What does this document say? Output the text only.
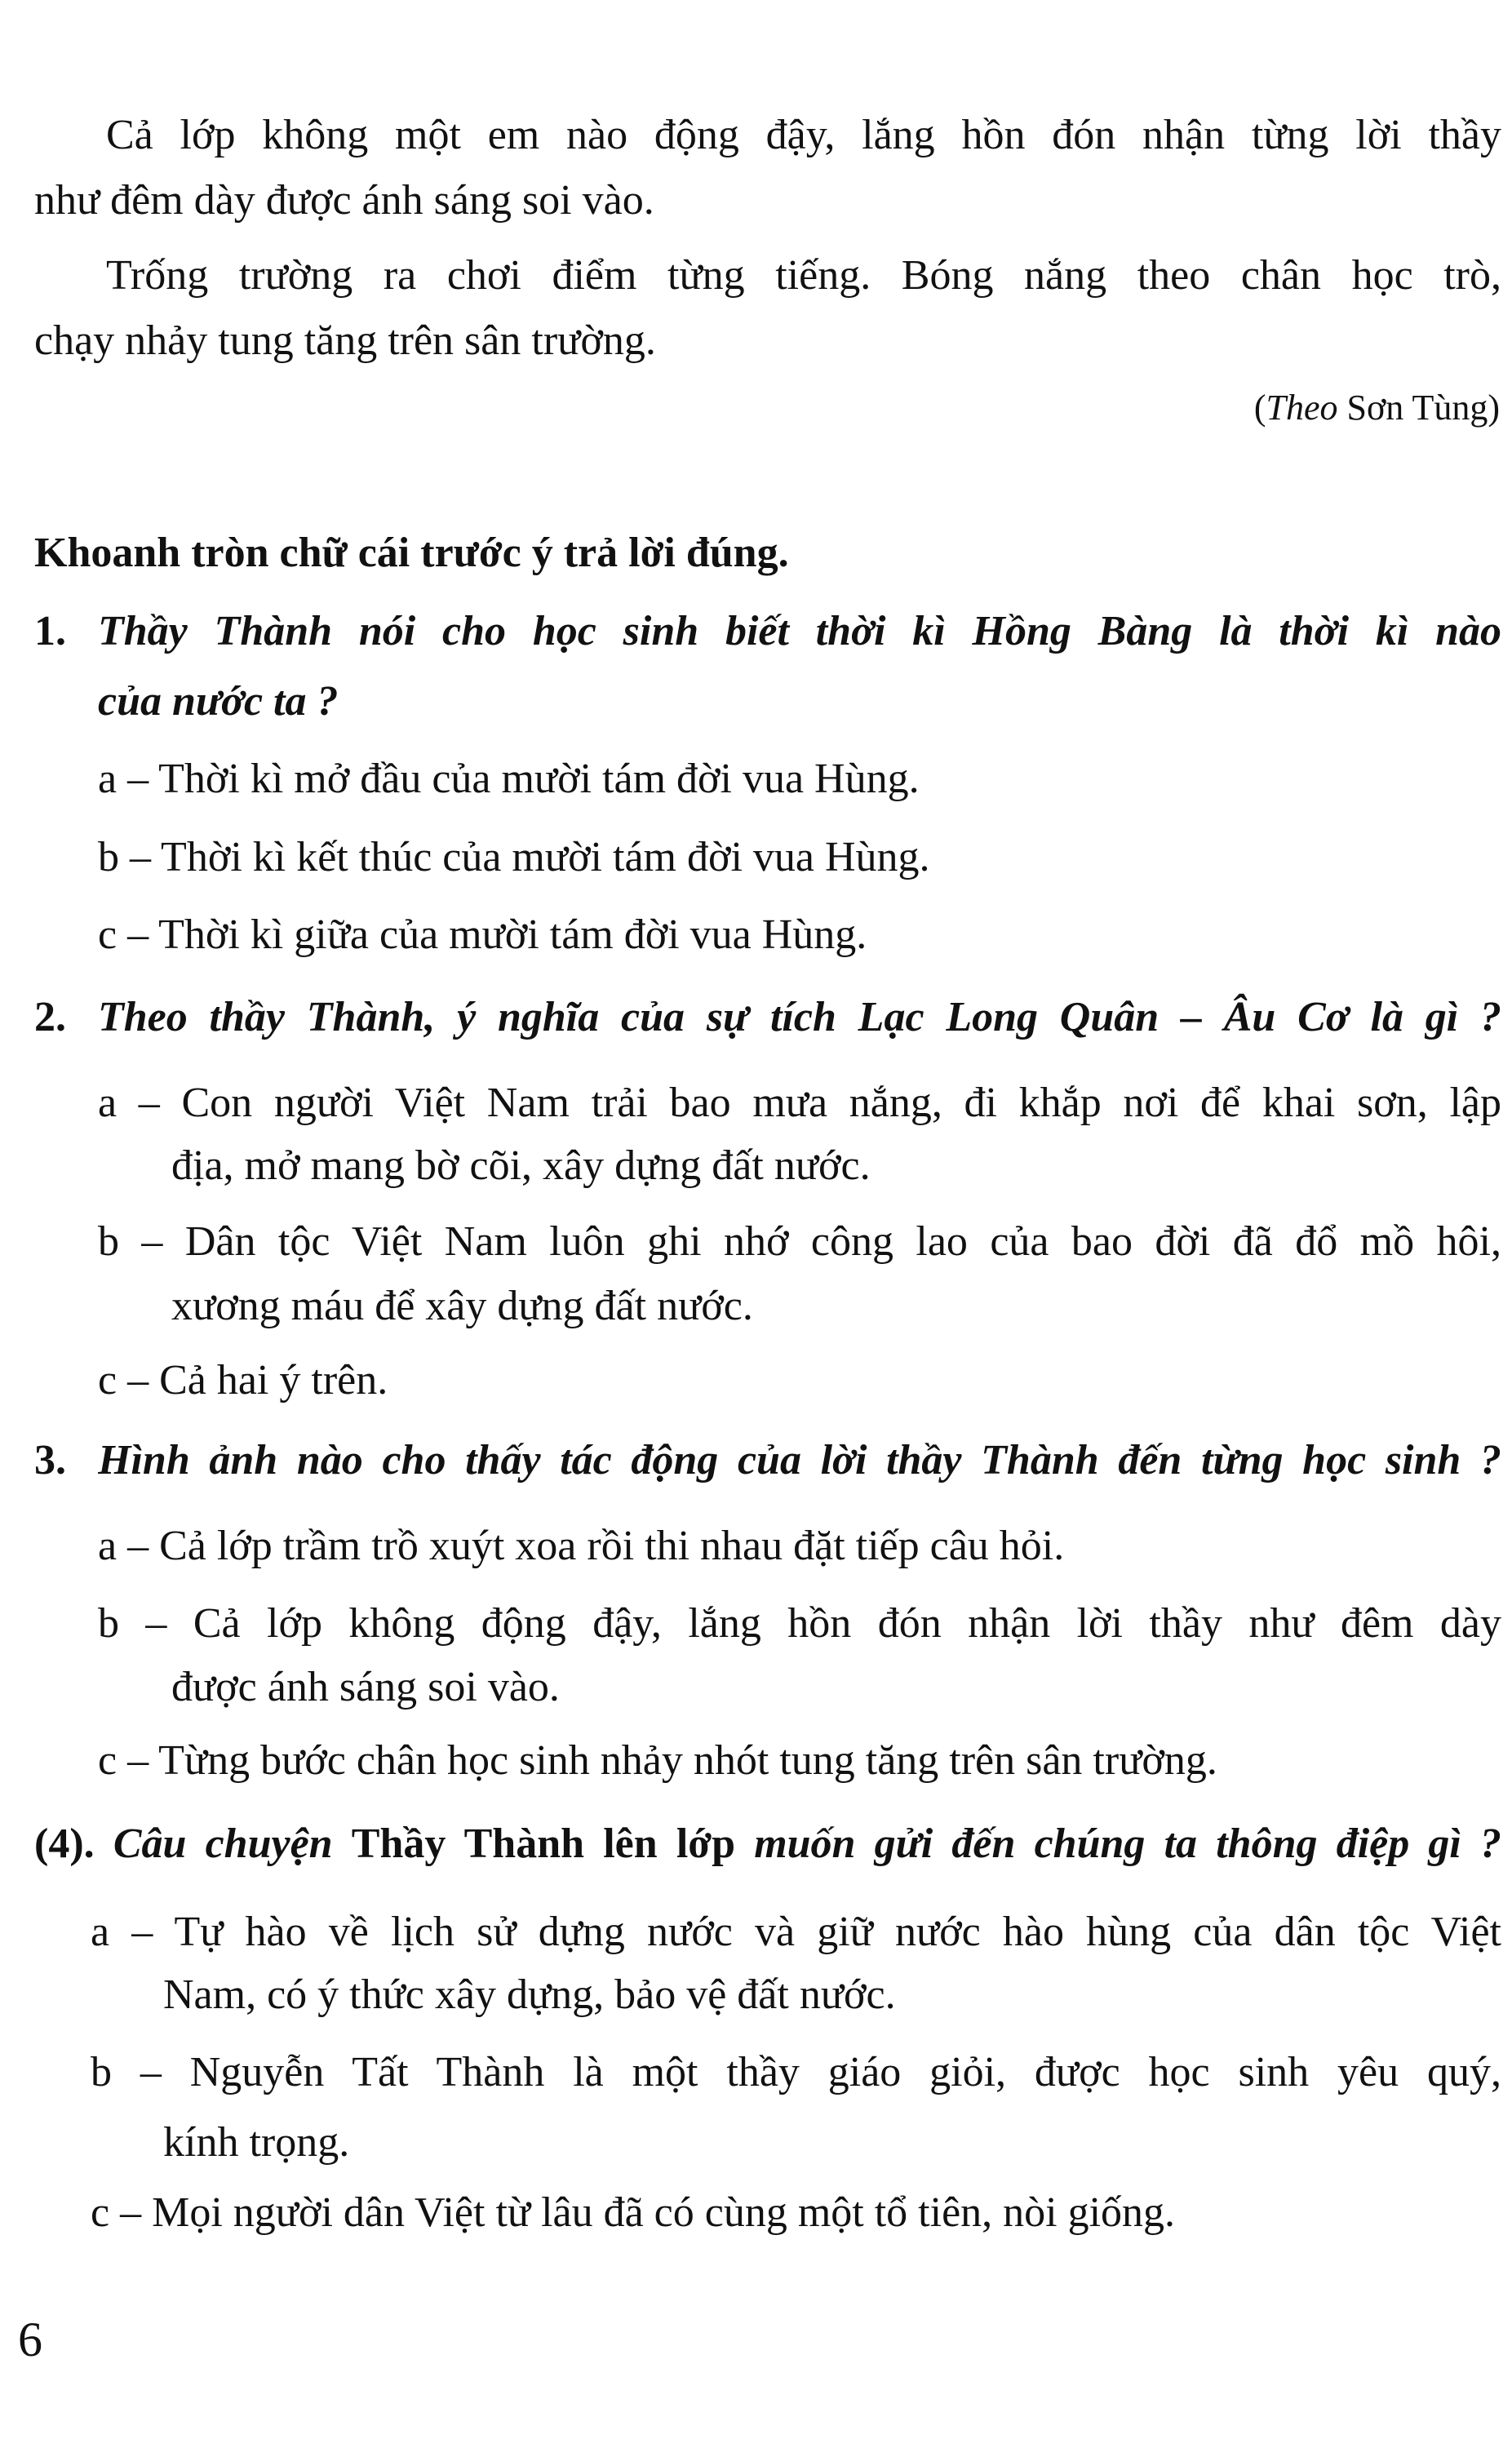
Cả lớp không một em nào động đậy, lắng hồn đón nhận từng lời thầy
như đêm dày được ánh sáng soi vào.
Trống trường ra chơi điểm từng tiếng. Bóng nắng theo chân học trò,
chạy nhảy tung tăng trên sân trường.
(Theo Sơn Tùng)
Khoanh tròn chữ cái trước ý trả lời đúng.
Thầy Thành nói cho học sinh biết thời kì Hồng Bàng là thời kì nào
1.
của nước ta ?
a – Thời kì mở đầu của mười tám đời vua Hùng.
b – Thời kì kết thúc của mười tám đời vua Hùng.
c – Thời kì giữa của mười tám đời vua Hùng.
Theo thầy Thành, ý nghĩa của sự tích Lạc Long Quân – Âu Cơ là gì ?
2.
a – Con người Việt Nam trải bao mưa nắng, đi khắp nơi để khai sơn, lập
địa, mở mang bờ cõi, xây dựng đất nước.
b – Dân tộc Việt Nam luôn ghi nhớ công lao của bao đời đã đổ mồ hôi,
xương máu để xây dựng đất nước.
c – Cả hai ý trên.
Hình ảnh nào cho thấy tác động của lời thầy Thành đến từng học sinh ?
3.
a – Cả lớp trầm trồ xuýt xoa rồi thi nhau đặt tiếp câu hỏi.
b – Cả lớp không động đậy, lắng hồn đón nhận lời thầy như đêm dày
được ánh sáng soi vào.
c – Từng bước chân học sinh nhảy nhót tung tăng trên sân trường.
(4). Câu chuyện Thầy Thành lên lớp muốn gửi đến chúng ta thông điệp gì ?
a – Tự hào về lịch sử dựng nước và giữ nước hào hùng của dân tộc Việt
Nam, có ý thức xây dựng, bảo vệ đất nước.
b – Nguyễn Tất Thành là một thầy giáo giỏi, được học sinh yêu quý,
kính trọng.
c – Mọi người dân Việt từ lâu đã có cùng một tổ tiên, nòi giống.
6
